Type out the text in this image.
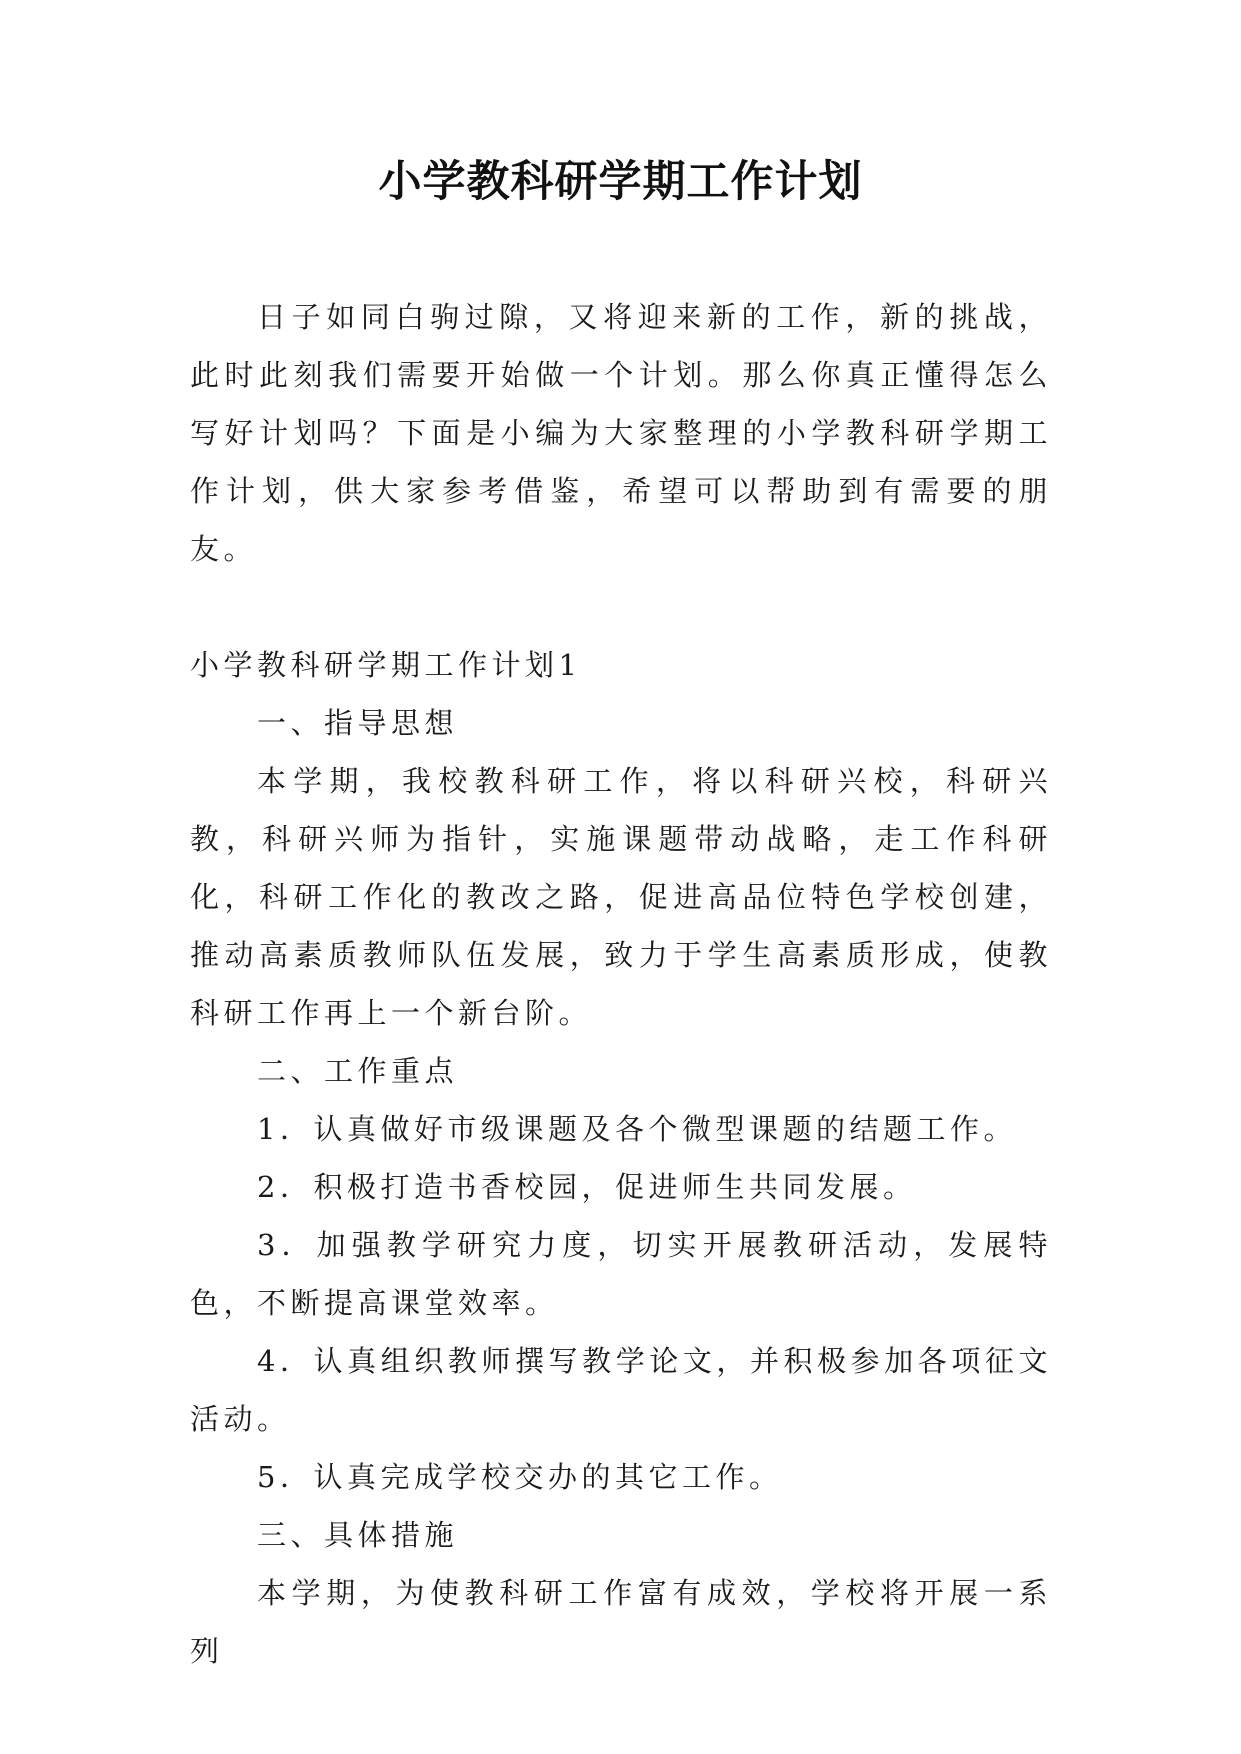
小学教科研学期工作计划

日子如同白驹过隙，又将迎来新的工作，新的挑战，此时此刻我们需要开始做一个计划。那么你真正懂得怎么写好计划吗？下面是小编为大家整理的小学教科研学期工作计划，供大家参考借鉴，希望可以帮助到有需要的朋友。

小学教科研学期工作计划1

一、指导思想

本学期，我校教科研工作，将以科研兴校，科研兴教，科研兴师为指针，实施课题带动战略，走工作科研化，科研工作化的教改之路，促进高品位特色学校创建，推动高素质教师队伍发展，致力于学生高素质形成，使教科研工作再上一个新台阶。

二、工作重点

1．认真做好市级课题及各个微型课题的结题工作。

2．积极打造书香校园，促进师生共同发展。

3．加强教学研究力度，切实开展教研活动，发展特色，不断提高课堂效率。

4．认真组织教师撰写教学论文，并积极参加各项征文活动。

5．认真完成学校交办的其它工作。

三、具体措施

本学期，为使教科研工作富有成效，学校将开展一系列
